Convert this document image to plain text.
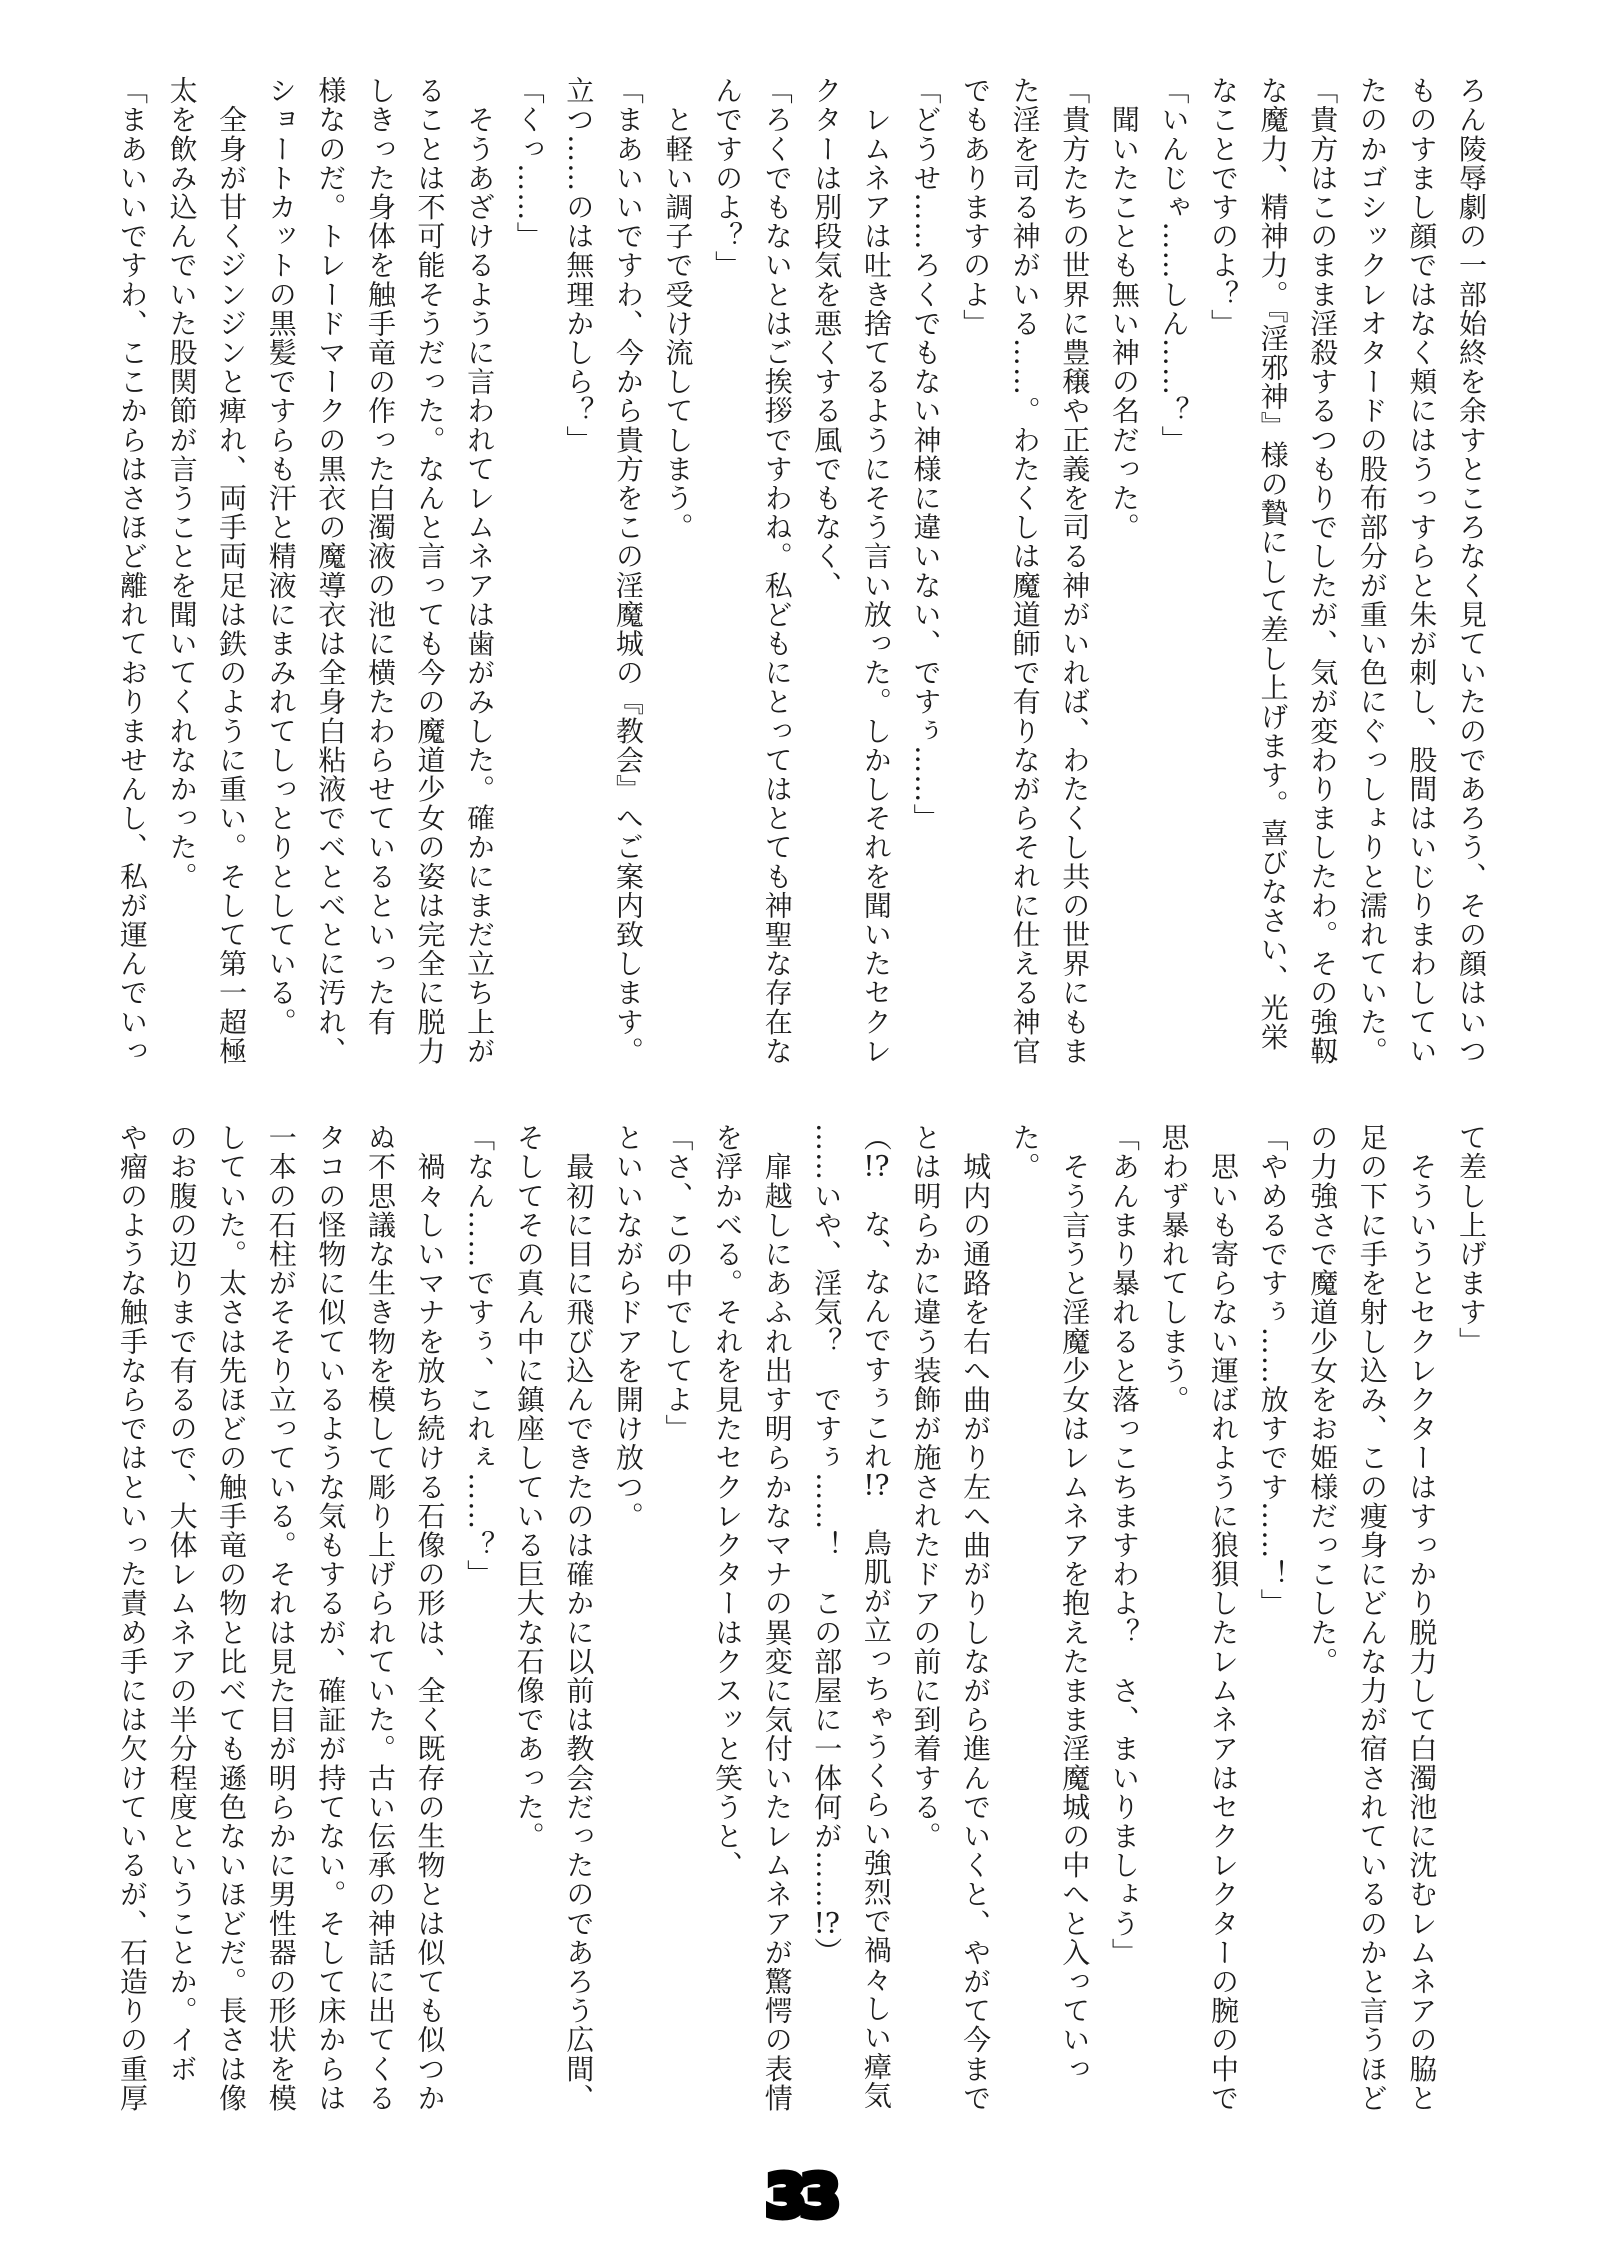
ろん陵辱劇の一部始終を余すところなく見ていたのであろう、その顔はいつ

ものすまし顔ではなく頬にはうっすらと朱が刺し、股間はいじりまわしてい

たのかゴシックレオタードの股布部分が重い色にぐっしょりと濡れていた。

「貴方はこのまま淫殺するつもりでしたが、気が変わりましたわ。その強靱

な魔力、精神力。『淫邪神』様の贄にして差し上げます。喜びなさい、光栄

なことですのよ？」

「いんじゃ……しん……？」

　聞いたことも無い神の名だった。

「貴方たちの世界に豊穣や正義を司る神がいれば、わたくし共の世界にもま

た淫を司る神がいる……。わたくしは魔道師で有りながらそれに仕える神官

でもありますのよ」

「どうせ……ろくでもない神様に違いない、ですぅ……」

　レムネアは吐き捨てるようにそう言い放った。しかしそれを聞いたセクレ

クターは別段気を悪くする風でもなく、

「ろくでもないとはご挨拶ですわね。私どもにとってはとても神聖な存在な

んですのよ？」

　と軽い調子で受け流してしまう。

「まあいいですわ、今から貴方をこの淫魔城の『教会』へご案内致します。

立つ……のは無理かしら？」

「くっ……」

　そうあざけるように言われてレムネアは歯がみした。確かにまだ立ち上が

ることは不可能そうだった。なんと言っても今の魔道少女の姿は完全に脱力

しきった身体を触手竜の作った白濁液の池に横たわらせているといった有

様なのだ。トレードマークの黒衣の魔導衣は全身白粘液でべとべとに汚れ、

ショートカットの黒髪ですらも汗と精液にまみれてしっとりとしている。

　全身が甘くジンジンと痺れ、両手両足は鉄のように重い。そして第一超極

太を飲み込んでいた股関節が言うことを聞いてくれなかった。

「まあいいですわ、ここからはさほど離れておりませんし、私が運んでいっ

て差し上げます」

　そういうとセクレクターはすっかり脱力して白濁池に沈むレムネアの脇と

足の下に手を射し込み、この痩身にどんな力が宿されているのかと言うほど

の力強さで魔道少女をお姫様だっこした。

「やめるですぅ……放すです……！」

　思いも寄らない運ばれように狼狽したレムネアはセクレクターの腕の中で

思わず暴れてしまう。

「あんまり暴れると落っこちますわよ？　さ、まいりましょう」

　そう言うと淫魔少女はレムネアを抱えたまま淫魔城の中へと入っていっ

た。

　城内の通路を右へ曲がり左へ曲がりしながら進んでいくと、やがて今まで

とは明らかに違う装飾が施されたドアの前に到着する。

（!?　な、なんですぅこれ!?　鳥肌が立っちゃうくらい強烈で禍々しい瘴気

……いや、淫気？　ですぅ……！　この部屋に一体何が……!?）

　扉越しにあふれ出す明らかなマナの異変に気付いたレムネアが驚愕の表情

を浮かべる。それを見たセクレクターはクスッと笑うと、

「さ、この中でしてよ」

といいながらドアを開け放つ。

　最初に目に飛び込んできたのは確かに以前は教会だったのであろう広間、

そしてその真ん中に鎮座している巨大な石像であった。

「なん……ですぅ、これぇ……？」

　禍々しいマナを放ち続ける石像の形は、全く既存の生物とは似ても似つか

ぬ不思議な生き物を模して彫り上げられていた。古い伝承の神話に出てくる

タコの怪物に似ているような気もするが、確証が持てない。そして床からは

一本の石柱がそそり立っている。それは見た目が明らかに男性器の形状を模

していた。太さは先ほどの触手竜の物と比べても遜色ないほどだ。長さは像

のお腹の辺りまで有るので、大体レムネアの半分程度ということか。イボ

や瘤のような触手ならではといった責め手には欠けているが、石造りの重厚

33
